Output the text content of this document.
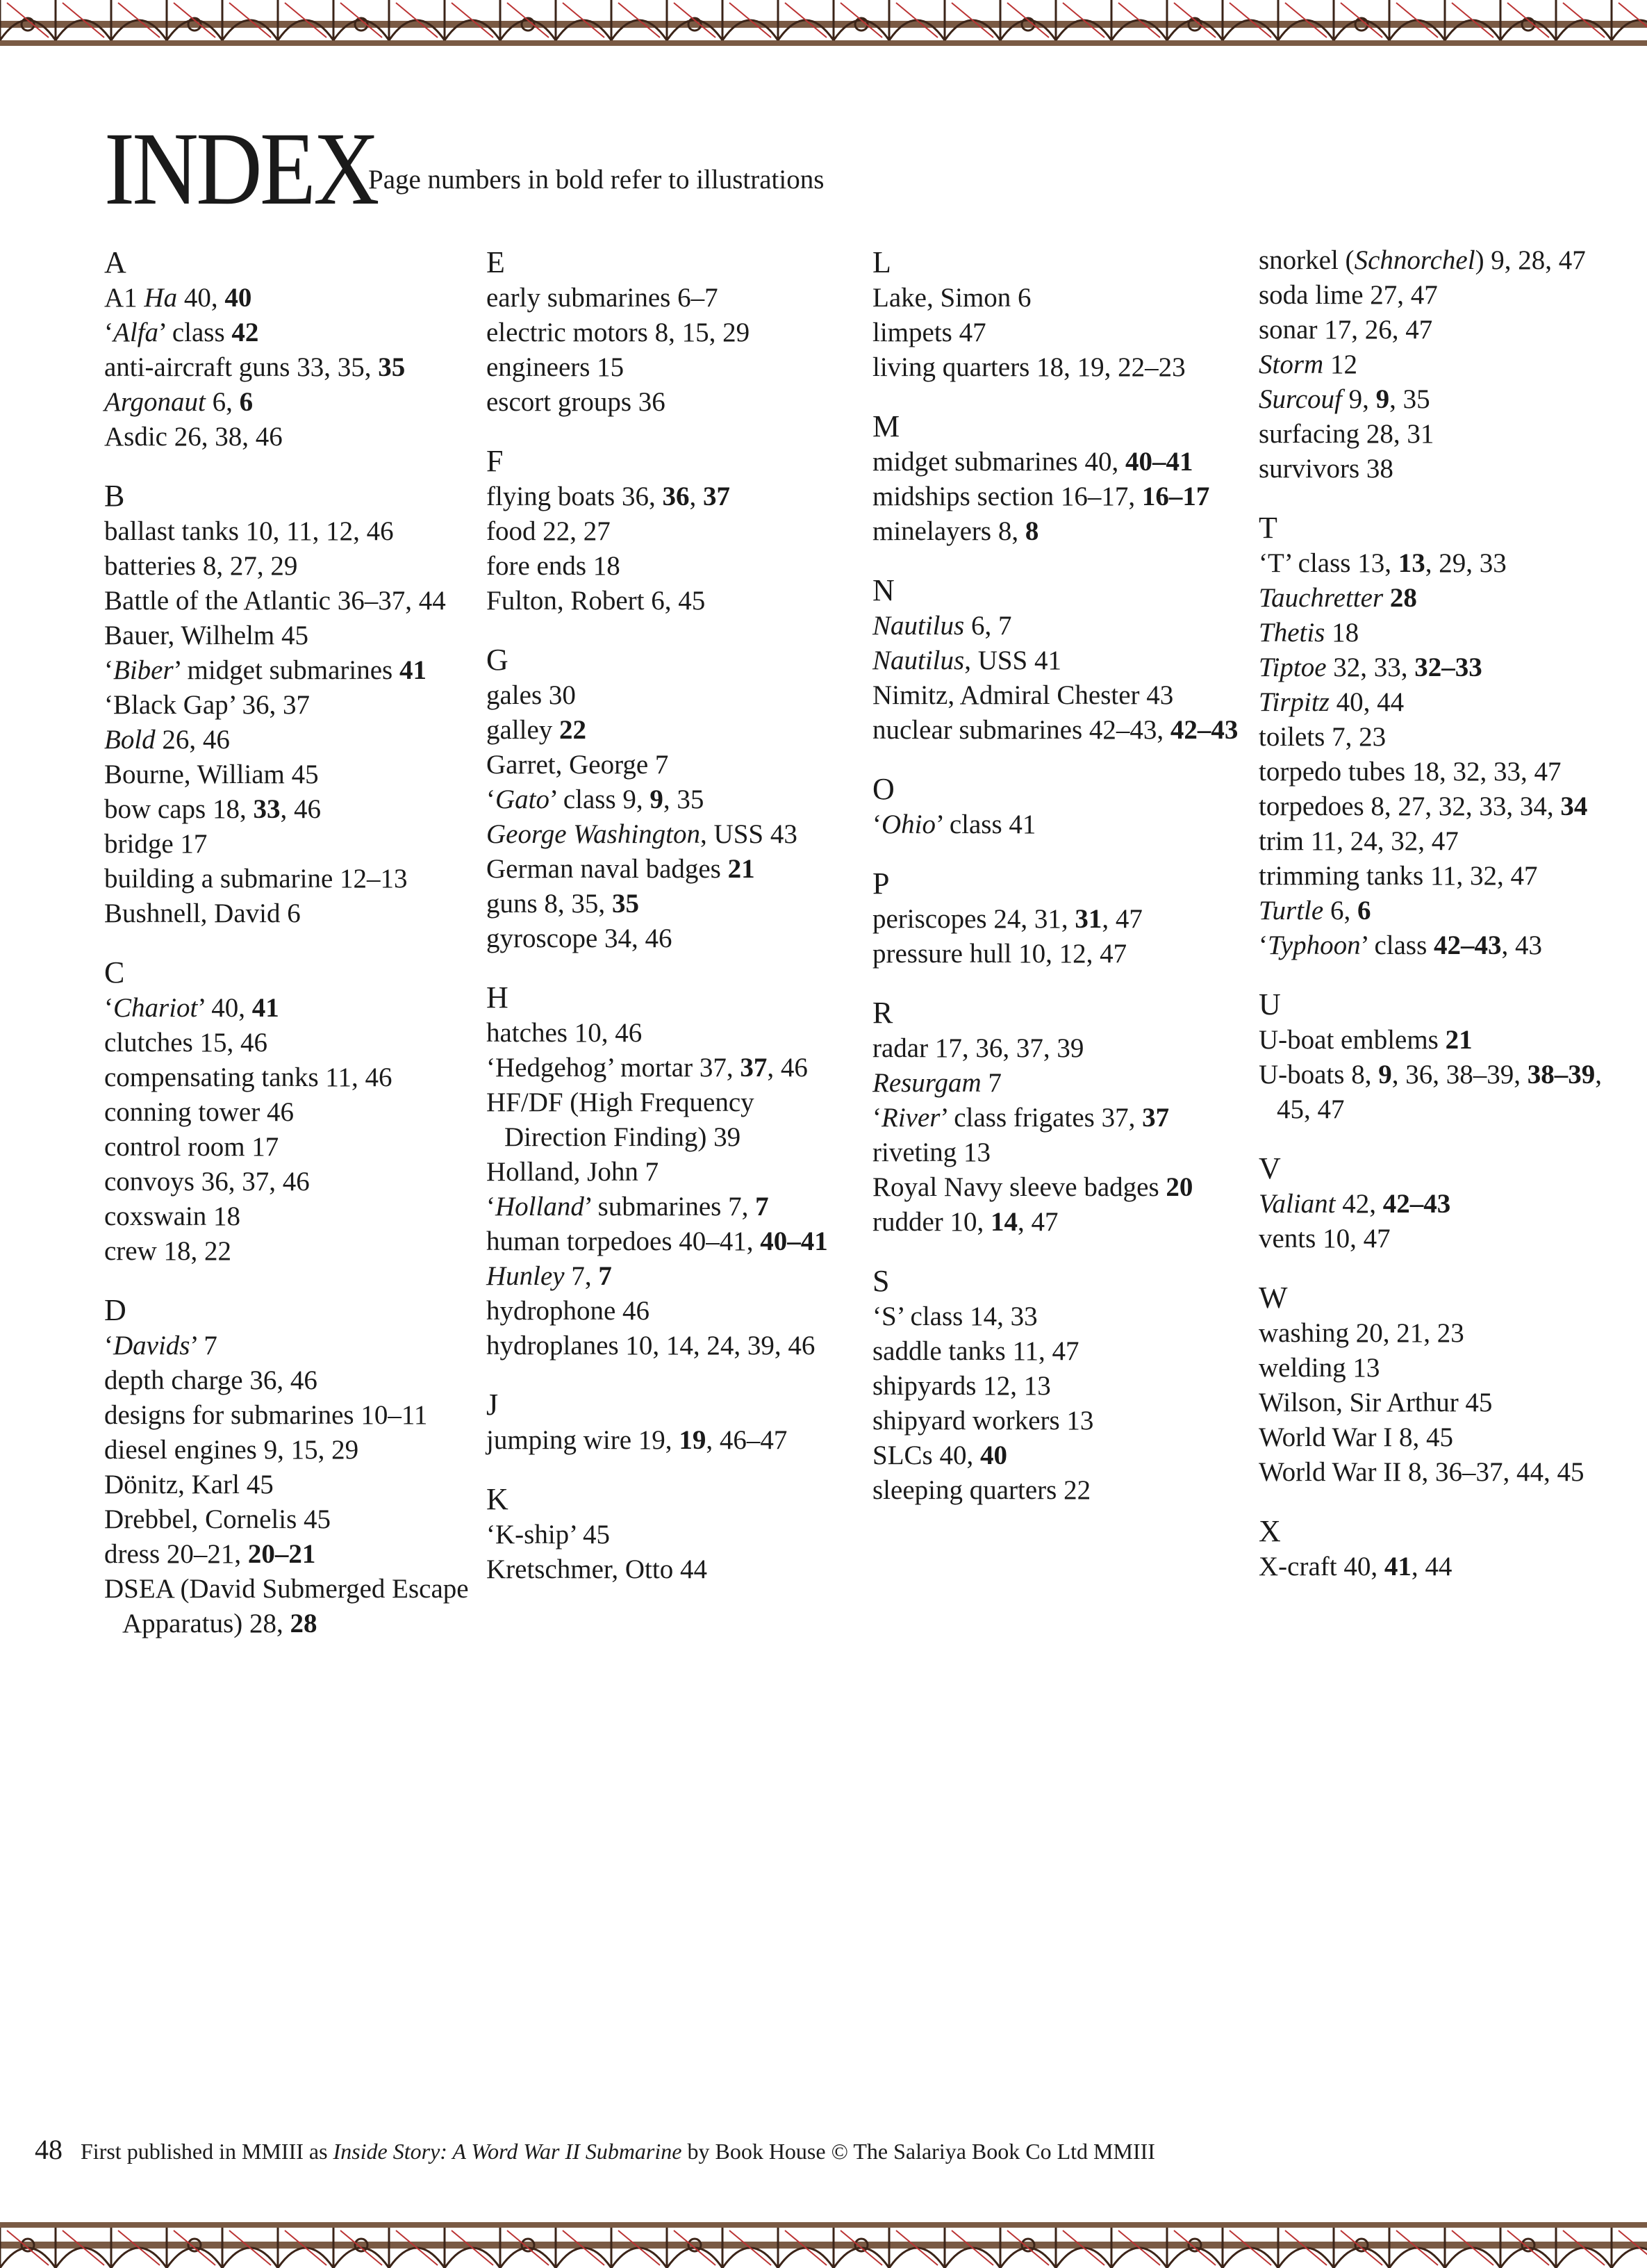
INDEX
Page numbers in bold refer to illustrations
A
A1 Ha 40, 40
‘Alfa’ class 42
anti-aircraft guns 33, 35, 35
Argonaut 6, 6
Asdic 26, 38, 46
B
ballast tanks 10, 11, 12, 46
batteries 8, 27, 29
Battle of the Atlantic 36–37, 44
Bauer, Wilhelm 45
‘Biber’ midget submarines 41
‘Black Gap’ 36, 37
Bold 26, 46
Bourne, William 45
bow caps 18, 33, 46
bridge 17
building a submarine 12–13
Bushnell, David 6
C
‘Chariot’ 40, 41
clutches 15, 46
compensating tanks 11, 46
conning tower 46
control room 17
convoys 36, 37, 46
coxswain 18
crew 18, 22
D
‘Davids’ 7
depth charge 36, 46
designs for submarines 10–11
diesel engines 9, 15, 29
Dönitz, Karl 45
Drebbel, Cornelis 45
dress 20–21, 20–21
DSEA (David Submerged Escape Apparatus) 28, 28
E
early submarines 6–7
electric motors 8, 15, 29
engineers 15
escort groups 36
F
flying boats 36, 36, 37
food 22, 27
fore ends 18
Fulton, Robert 6, 45
G
gales 30
galley 22
Garret, George 7
‘Gato’ class 9, 9, 35
George Washington, USS 43
German naval badges 21
guns 8, 35, 35
gyroscope 34, 46
H
hatches 10, 46
‘Hedgehog’ mortar 37, 37, 46
HF/DF (High Frequency Direction Finding) 39
Holland, John 7
‘Holland’ submarines 7, 7
human torpedoes 40–41, 40–41
Hunley 7, 7
hydrophone 46
hydroplanes 10, 14, 24, 39, 46
J
jumping wire 19, 19, 46–47
K
‘K-ship’ 45
Kretschmer, Otto 44
L
Lake, Simon 6
limpets 47
living quarters 18, 19, 22–23
M
midget submarines 40, 40–41
midships section 16–17, 16–17
minelayers 8, 8
N
Nautilus 6, 7
Nautilus, USS 41
Nimitz, Admiral Chester 43
nuclear submarines 42–43, 42–43
O
‘Ohio’ class 41
P
periscopes 24, 31, 31, 47
pressure hull 10, 12, 47
R
radar 17, 36, 37, 39
Resurgam 7
‘River’ class frigates 37, 37
riveting 13
Royal Navy sleeve badges 20
rudder 10, 14, 47
S
‘S’ class 14, 33
saddle tanks 11, 47
shipyards 12, 13
shipyard workers 13
SLCs 40, 40
sleeping quarters 22
snorkel (Schnorchel) 9, 28, 47
soda lime 27, 47
sonar 17, 26, 47
Storm 12
Surcouf 9, 9, 35
surfacing 28, 31
survivors 38
T
‘T’ class 13, 13, 29, 33
Tauchretter 28
Thetis 18
Tiptoe 32, 33, 32–33
Tirpitz 40, 44
toilets 7, 23
torpedo tubes 18, 32, 33, 47
torpedoes 8, 27, 32, 33, 34, 34
trim 11, 24, 32, 47
trimming tanks 11, 32, 47
Turtle 6, 6
‘Typhoon’ class 42–43, 43
U
U-boat emblems 21
U-boats 8, 9, 36, 38–39, 38–39, 45, 47
V
Valiant 42, 42–43
vents 10, 47
W
washing 20, 21, 23
welding 13
Wilson, Sir Arthur 45
World War I 8, 45
World War II 8, 36–37, 44, 45
X
X-craft 40, 41, 44
48 First published in MMIII as Inside Story: A Word War II Submarine by Book House © The Salariya Book Co Ltd MMIII
